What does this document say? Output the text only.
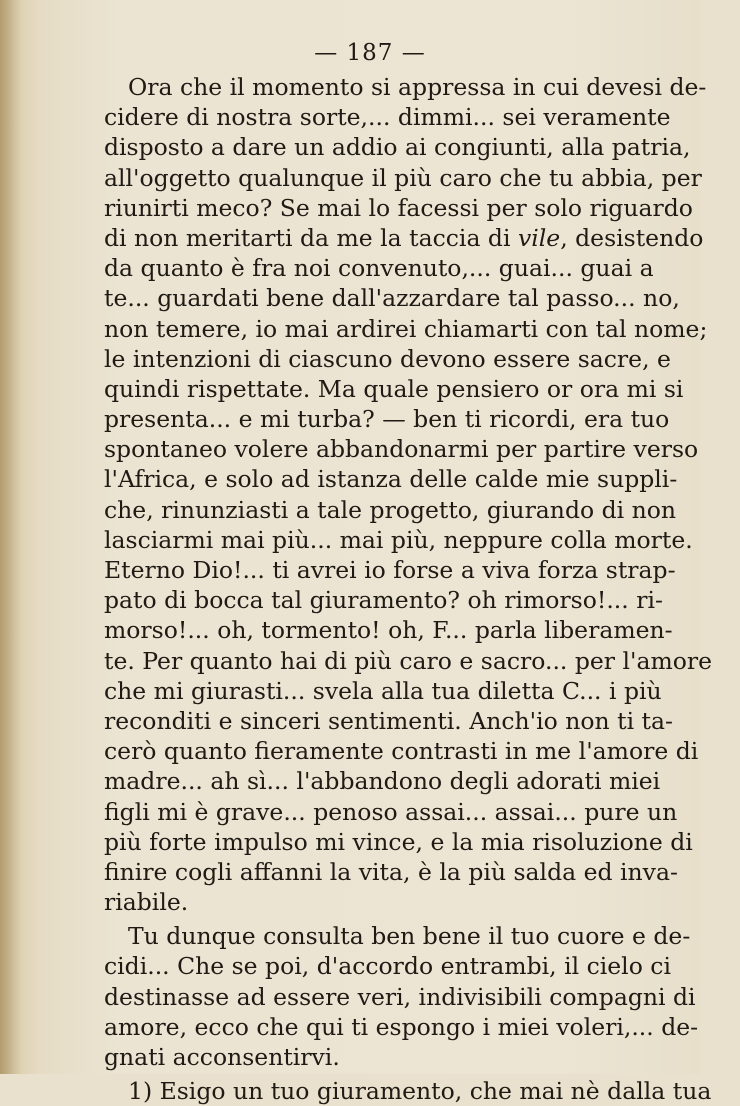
— 187 —
Ora che il momento si appressa in cui devesi de-
cidere di nostra sorte,... dimmi... sei veramente
disposto a dare un addio ai congiunti, alla patria,
all'oggetto qualunque il più caro che tu abbia, per
riunirti meco? Se mai lo facessi per solo riguardo
di non meritarti da me la taccia di vile, desistendo
da quanto è fra noi convenuto,... guai... guai a
te... guardati bene dall'azzardare tal passo... no,
non temere, io mai ardirei chiamarti con tal nome;
le intenzioni di ciascuno devono essere sacre, e
quindi rispettate. Ma quale pensiero or ora mi si
presenta... e mi turba? — ben ti ricordi, era tuo
spontaneo volere abbandonarmi per partire verso
l'Africa, e solo ad istanza delle calde mie suppli-
che, rinunziasti a tale progetto, giurando di non
lasciarmi mai più... mai più, neppure colla morte.
Eterno Dio!... ti avrei io forse a viva forza strap-
pato di bocca tal giuramento? oh rimorso!... ri-
morso!... oh, tormento! oh, F... parla liberamen-
te. Per quanto hai di più caro e sacro... per l'amore
che mi giurasti... svela alla tua diletta C... i più
reconditi e sinceri sentimenti. Anch'io non ti ta-
cerò quanto fieramente contrasti in me l'amore di
madre... ah sì... l'abbandono degli adorati miei
figli mi è grave... penoso assai... assai... pure un
più forte impulso mi vince, e la mia risoluzione di
finire cogli affanni la vita, è la più salda ed inva-
riabile.
Tu dunque consulta ben bene il tuo cuore e de-
cidi... Che se poi, d'accordo entrambi, il cielo ci
destinasse ad essere veri, indivisibili compagni di
amore, ecco che qui ti espongo i miei voleri,... de-
gnati acconsentirvi.
1) Esigo un tuo giuramento, che mai nè dalla tua
